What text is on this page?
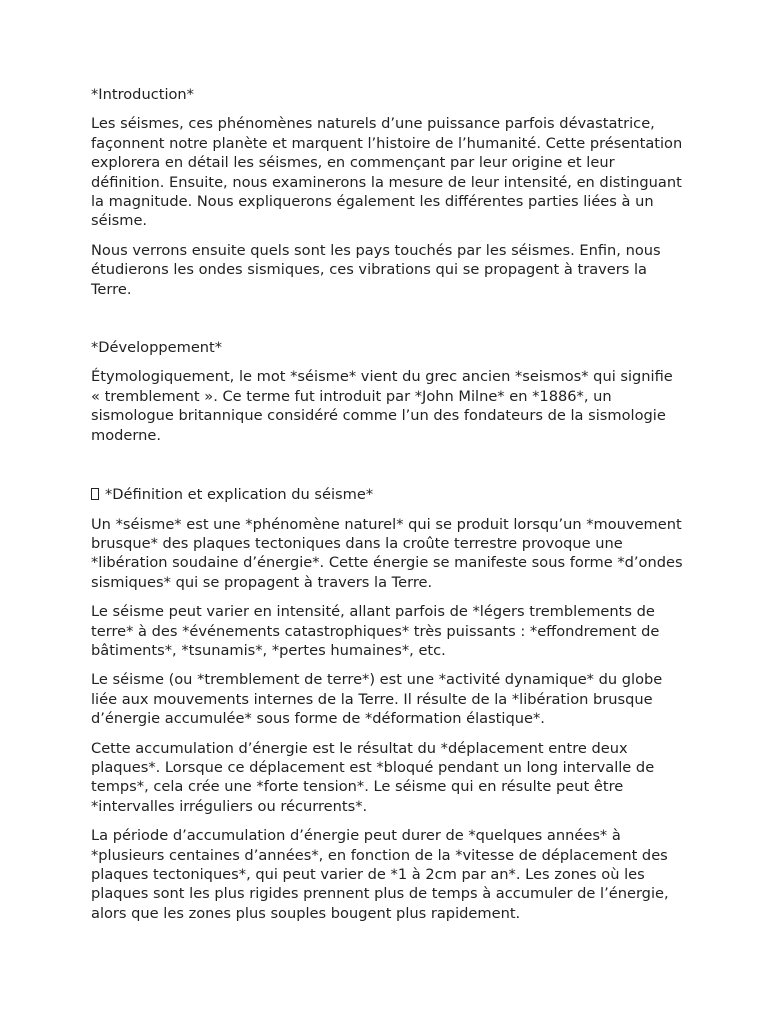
*Introduction*

Les séismes, ces phénomènes naturels d’une puissance parfois dévastatrice, façonnent notre planète et marquent l’histoire de l’humanité. Cette présentation explorera en détail les séismes, en commençant par leur origine et leur définition. Ensuite, nous examinerons la mesure de leur intensité, en distinguant la magnitude. Nous expliquerons également les différentes parties liées à un séisme.

Nous verrons ensuite quels sont les pays touchés par les séismes. Enfin, nous étudierons les ondes sismiques, ces vibrations qui se propagent à travers la Terre.

*Développement*

Étymologiquement, le mot *séisme* vient du grec ancien *seismos* qui signifie « tremblement ». Ce terme fut introduit par *John Milne* en *1886*, un sismologue britannique considéré comme l’un des fondateurs de la sismologie moderne.

*Définition et explication du séisme*

Un *séisme* est une *phénomène naturel* qui se produit lorsqu’un *mouvement brusque* des plaques tectoniques dans la croûte terrestre provoque une *libération soudaine d’énergie*. Cette énergie se manifeste sous forme *d’ondes sismiques* qui se propagent à travers la Terre.

Le séisme peut varier en intensité, allant parfois de *légers tremblements de terre* à des *événements catastrophiques* très puissants : *effondrement de bâtiments*, *tsunamis*, *pertes humaines*, etc.

Le séisme (ou *tremblement de terre*) est une *activité dynamique* du globe liée aux mouvements internes de la Terre. Il résulte de la *libération brusque d’énergie accumulée* sous forme de *déformation élastique*.

Cette accumulation d’énergie est le résultat du *déplacement entre deux plaques*. Lorsque ce déplacement est *bloqué pendant un long intervalle de temps*, cela crée une *forte tension*. Le séisme qui en résulte peut être *intervalles irréguliers ou récurrents*.

La période d’accumulation d’énergie peut durer de *quelques années* à *plusieurs centaines d’années*, en fonction de la *vitesse de déplacement des plaques tectoniques*, qui peut varier de *1 à 2cm par an*. Les zones où les plaques sont les plus rigides prennent plus de temps à accumuler de l’énergie, alors que les zones plus souples bougent plus rapidement.
